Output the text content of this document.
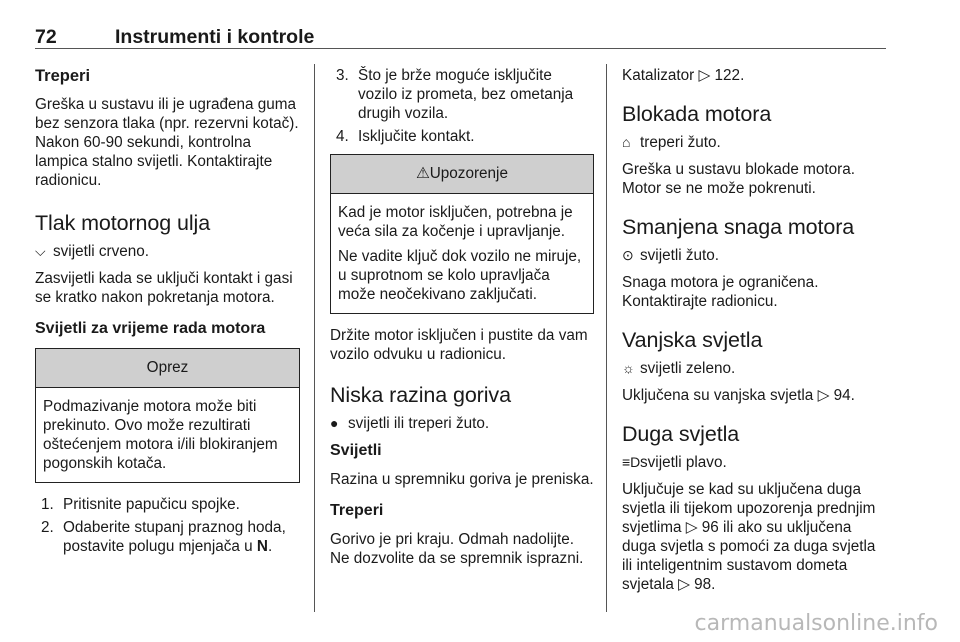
72	Instrumenti i kontrole
Treperi

Greška u sustavu ili je ugrađena guma bez senzora tlaka (npr. rezervni kotač). Nakon 60-90 sekundi, kontrolna lampica stalno svijetli. Kontaktirajte radionicu.

Tlak motornog ulja

⌵ svijetli crveno.

Zasvijetli kada se uključi kontakt i gasi se kratko nakon pokretanja motora.

Svijetli za vrijeme rada motora
Oprez

Podmazivanje motora može biti prekinuto. Ovo može rezultirati oštećenjem motora i/ili blokiranjem pogonskih kotača.

1. Pritisnite papučicu spojke.
2. Odaberite stupanj praznog hoda, postavite polugu mjenjača u N.
3. Što je brže moguće isključite vozilo iz prometa, bez ometanja drugih vozila.
4. Isključite kontakt.
⚠Upozorenje

Kad je motor isključen, potrebna je veća sila za kočenje i upravljanje.

Ne vadite ključ dok vozilo ne miruje, u suprotnom se kolo upravljača može neočekivano zaključati.

Držite motor isključen i pustite da vam vozilo odvuku u radionicu.

Niska razina goriva

● svijetli ili treperi žuto.

Svijetli

Razina u spremniku goriva je preniska.

Treperi

Gorivo je pri kraju. Odmah nadolijte. Ne dozvolite da se spremnik isprazni.

Katalizator ▷ 122.

Blokada motora

⌂ treperi žuto.

Greška u sustavu blokade motora. Motor se ne može pokrenuti.

Smanjena snaga motora

⊙ svijetli žuto.

Snaga motora je ograničena. Kontaktirajte radionicu.

Vanjska svjetla

☼ svijetli zeleno.

Uključena su vanjska svjetla ▷ 94.

Duga svjetla

≡Dsvijetli plavo.

Uključuje se kad su uključena duga svjetla ili tijekom upozorenja prednjim svjetlima ▷ 96 ili ako su uključena duga svjetla s pomoći za duga svjetla ili inteligentnim sustavom dometa svjetala ▷ 98.

carmanualsonline.info
